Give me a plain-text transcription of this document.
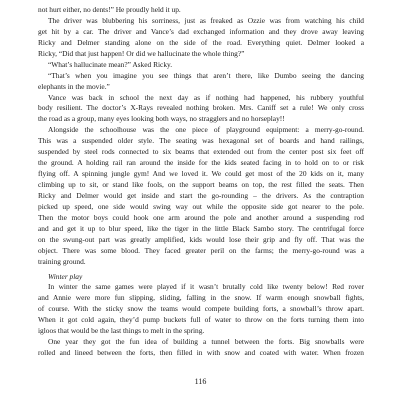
not hurt either, no dents!” He proudly held it up.
The driver was blubbering his sorriness, just as freaked as Ozzie was from watching his child
get hit by a car. The driver and Vance’s dad exchanged information and they drove away leaving
Ricky and Delmer standing alone on the side of the road. Everything quiet. Delmer looked a
Ricky, “Did that just happen! Or did we hallucinate the whole thing?”
“What’s hallucinate mean?” Asked Ricky.
“That’s when you imagine you see things that aren’t there, like Dumbo seeing the dancing
elephants in the movie.”
Vance was back in school the next day as if nothing had happened, his rubbery youthful
body resilient. The doctor’s X-Rays revealed nothing broken. Mrs. Caniff set a rule! We only cross
the road as a group, many eyes looking both ways, no stragglers and no horseplay!!
Alongside the schoolhouse was the one piece of playground equipment: a merry-go-round.
This was a suspended older style. The seating was hexagonal set of boards and hand railings,
suspended by steel rods connected to six beams that extended out from the center post six feet off
the ground. A holding rail ran around the inside for the kids seated facing in to hold on to or risk
flying off. A spinning jungle gym! And we loved it. We could get most of the 20 kids on it, many
climbing up to sit, or stand like fools, on the support beams on top, the rest filled the seats. Then
Ricky and Delmer would get inside and start the go-rounding – the drivers. As the contraption
picked up speed, one side would swing way out while the opposite side got nearer to the pole.
Then the motor boys could hook one arm around the pole and another around a suspending rod
and and get it up to blur speed, like the tiger in the little Black Sambo story. The centrifugal force
on the swung-out part was greatly amplified, kids would lose their grip and fly off. That was the
object. There was some blood. They faced greater peril on the farms; the merry-go-round was a
training ground.
Winter play
In winter the same games were played if it wasn’t brutally cold like twenty below! Red rover
and Annie were more fun slipping, sliding, falling in the snow. If warm enough snowball fights,
of course. With the sticky snow the teams would compete building forts, a snowball’s throw apart.
When it got cold again, they’d pump buckets full of water to throw on the forts turning them into
igloos that would be the last things to melt in the spring.
One year they got the fun idea of building a tunnel between the forts. Big snowballs were
rolled and lineed between the forts, then filled in with snow and coated with water. When frozen
116
